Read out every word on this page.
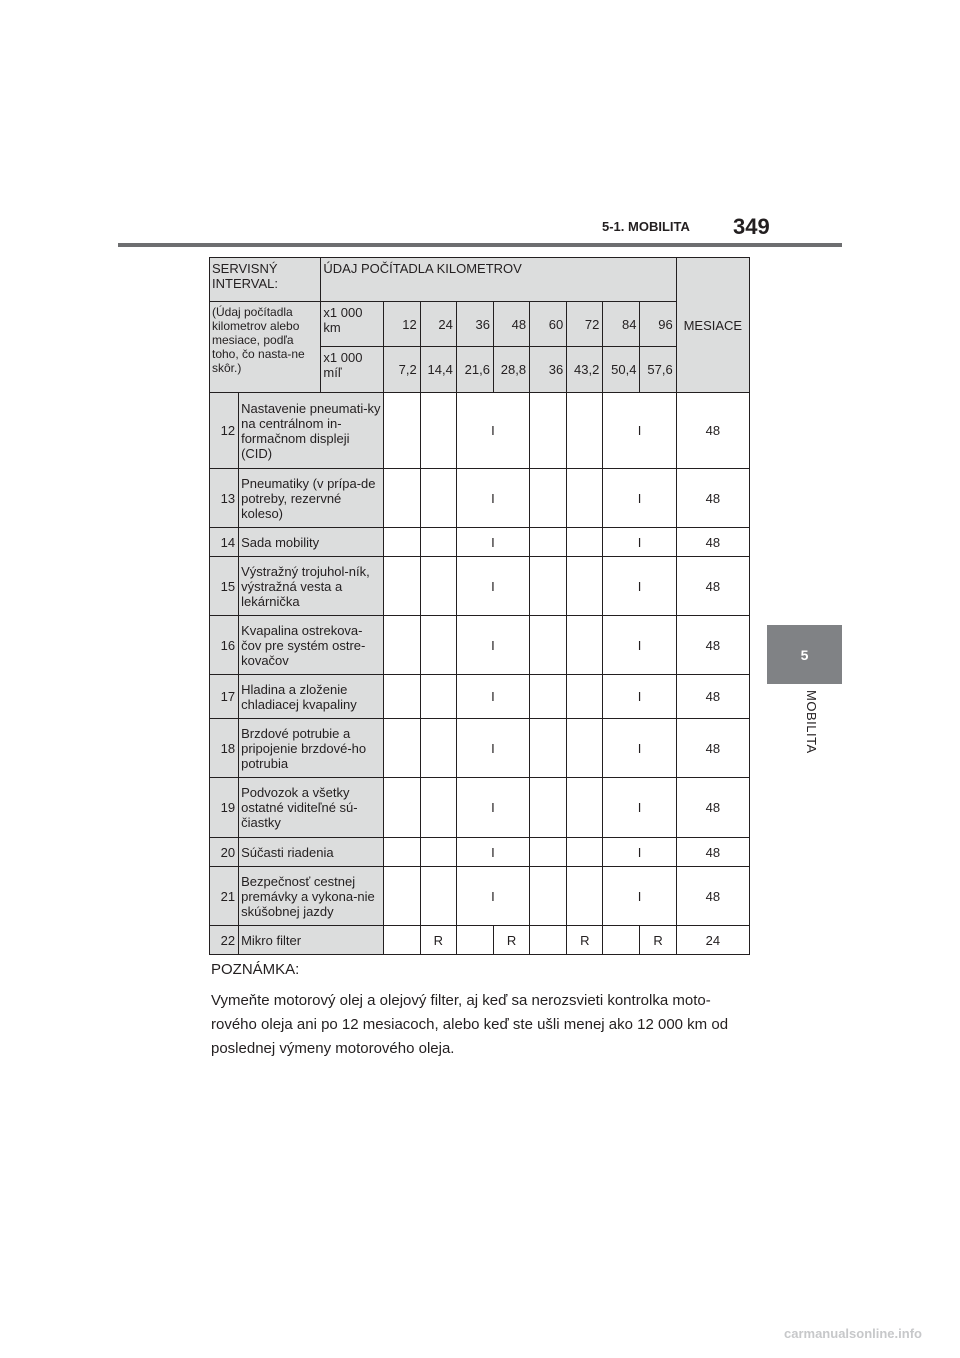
5-1. MOBILITA 349
5
MOBILITA
SERVISNÝ INTERVAL:		ÚDAJ POČÍTADLA KILOMETROV									MESIACE
(Údaj počítadla kilometrov alebo mesiace, podľa toho, čo nasta-ne skôr.)		x1 000 km	12	24	36	48	60	72	84	96	
		x1 000 míľ	7,2	14,4	21,6	28,8	36	43,2	50,4	57,6	
12	Nastavenie pneumati-ky na centrálnom in-formačnom displeji (CID)				I				I		48
13	Pneumatiky (v prípa-de potreby, rezervné koleso)				I				I		48
14	Sada mobility				I				I		48
15	Výstražný trojuhol-ník, výstražná vesta a lekárnička				I				I		48
16	Kvapalina ostrekova-čov pre systém ostre-kovačov				I				I		48
17	Hladina a zloženie chladiacej kvapaliny				I				I		48
18	Brzdové potrubie a pripojenie brzdové-ho potrubia				I				I		48
19	Podvozok a všetky ostatné viditeľné sú-čiastky				I				I		48
20	Súčasti riadenia				I				I		48
21	Bezpečnosť cestnej premávky a vykona-nie skúšobnej jazdy				I				I		48
22	Mikro filter			R		R		R		R	24
POZNÁMKA:
Vymeňte motorový olej a olejový filter, aj keď sa nerozsvieti kontrolka moto-rového oleja ani po 12 mesiacoch, alebo keď ste ušli menej ako 12 000 km od poslednej výmeny motorového oleja.
carmanualsonline.info
